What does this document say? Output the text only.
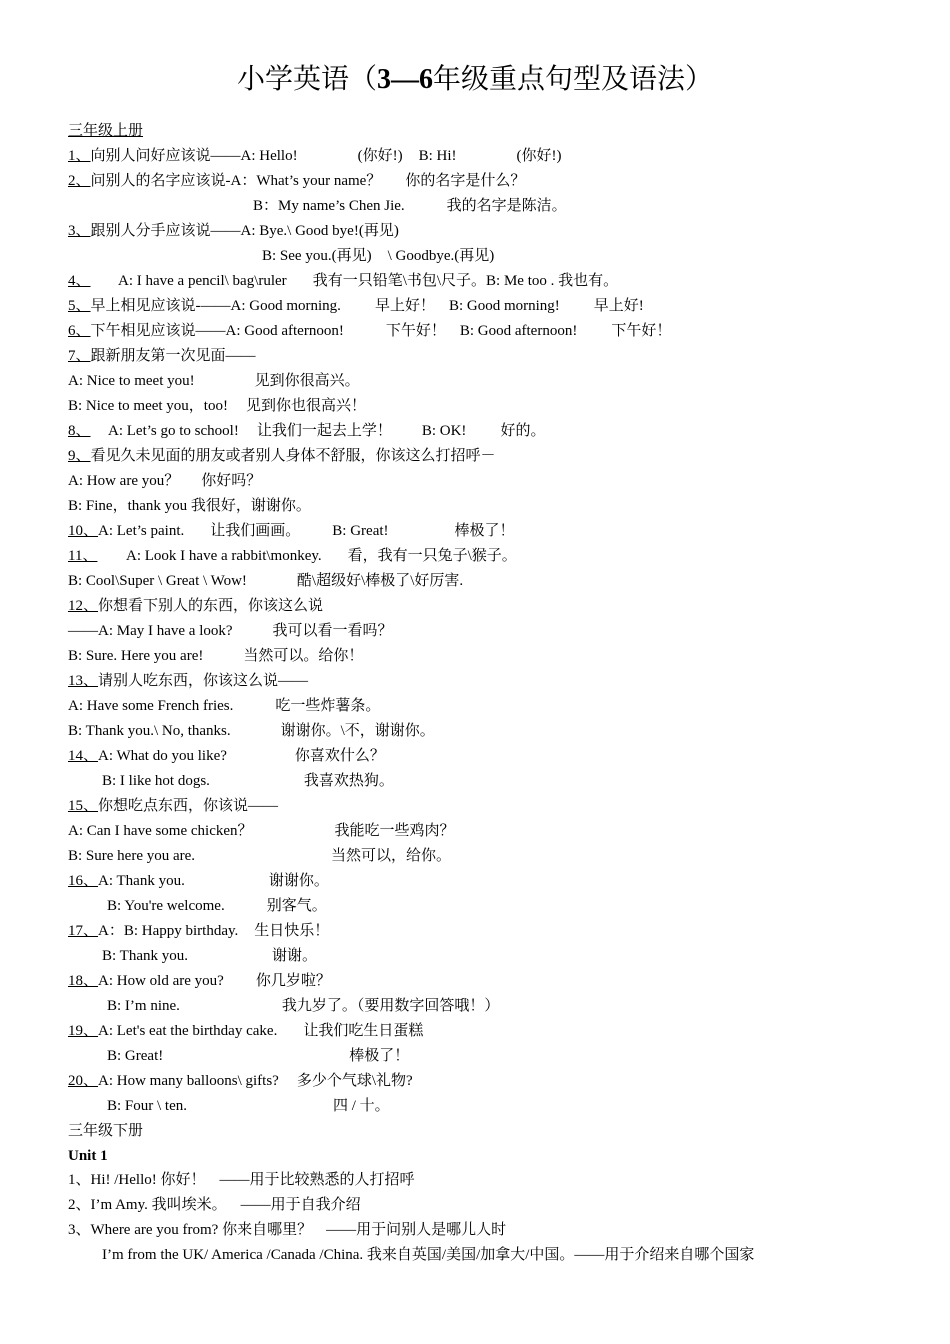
小学英语（3—6年级重点句型及语法）
三年级上册
1、向别人问好应该说——A: Hello!	(你好!) B: Hi!	(你好!)
2、问别人的名字应该说-A：What’s your name？ 你的名字是什么？
B：My name’s Chen Jie.	我的名字是陈洁。
3、跟别人分手应该说——A: Bye.\ Good bye!(再见)
B: See you.(再见) \ Goodbye.(再见)
4、 A: I have a pencil\ bag\ruler 我有一只铅笔\书包\尺子。B: Me too . 我也有。
5、早上相见应该说-——A: Good morning. 早上好！ B: Good morning! 早上好!
6、下午相见应该说——A: Good afternoon!	下午好！ B: Good afternoon! 下午好！
7、跟新朋友第一次见面——
A: Nice to meet you!	见到你很高兴。
B: Nice to meet you，too! 见到你也很高兴！
8、 A: Let’s go to school! 让我们一起去上学！ B: OK! 好的。
9、看见久未见面的朋友或者别人身体不舒服，你该这么打招呼－
A: How are you？ 你好吗？
B: Fine，thank you 我很好，谢谢你。
10、A: Let’s paint. 让我们画画。 B: Great!	棒极了！
11、 A: Look I have a rabbit\monkey. 看，我有一只兔子\猴子。
B: Cool\Super \ Great \ Wow!	酷\超级好\棒极了\好厉害.
12、你想看下别人的东西，你该这么说
——A: May I have a look?	我可以看一看吗？
B: Sure. Here you are!	当然可以。给你！
13、请别人吃东西，你该这么说——
A: Have some French fries.	吃一些炸薯条。
B: Thank you.\ No, thanks.	谢谢你。\不，谢谢你。
14、A: What do you like?	你喜欢什么？
B: I like hot dogs.	我喜欢热狗。
15、你想吃点东西，你该说——
A: Can I have some chicken？	我能吃一些鸡肉？
B: Sure here you are.	当然可以，给你。
16、A: Thank you.	谢谢你。
B: You're welcome.	别客气。
17、A：B: Happy birthday. 生日快乐！
B: Thank you.	谢谢。
18、A: How old are you? 你几岁啦？
B: I’m nine.	我九岁了。（要用数字回答哦！）
19、A: Let's eat the birthday cake. 让我们吃生日蛋糕
B: Great!	棒极了！
20、A: How many balloons\ gifts? 多少个气球\礼物?
B: Four \ ten.	四 / 十。
三年级下册
Unit 1
1、Hi! /Hello! 你好！ ——用于比较熟悉的人打招呼
2、I’m Amy. 我叫埃米。 ——用于自我介绍
3、Where are you from? 你来自哪里？ ——用于问别人是哪儿人时
I’m from the UK/ America /Canada /China. 我来自英国/美国/加拿大/中国。——用于介绍来自哪个国家
